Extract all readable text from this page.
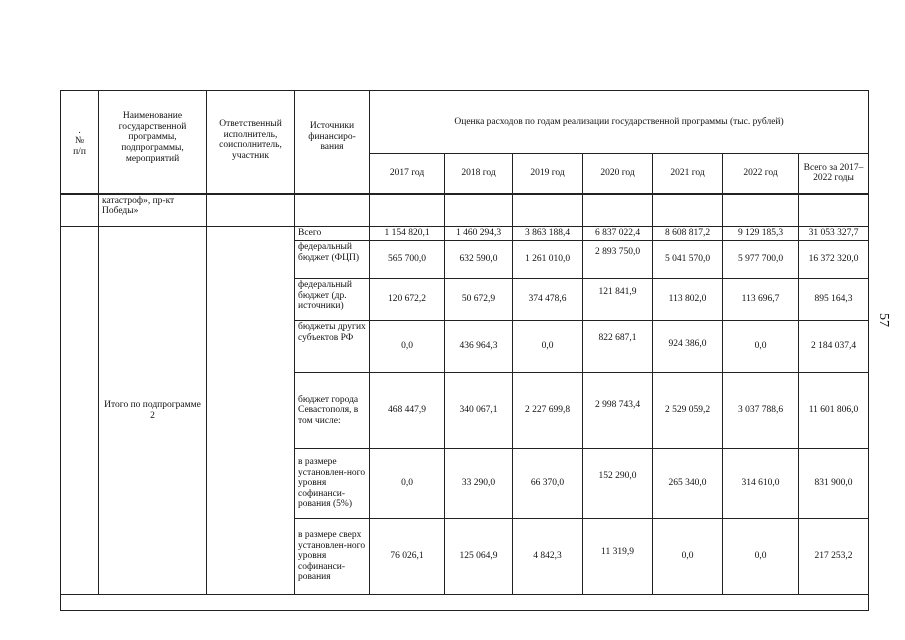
.
№
п/п	Наименование государственной программы, подпрограммы, мероприятий	Ответственный исполнитель, соисполнитель, участник	Источники финансиро-вания	Оценка расходов по годам реализации государственной программы (тыс. рублей)						
				2017 год	2018 год	2019 год	2020 год	2021 год	2022 год	Всего за 2017–2022 годы
	катастроф», пр-кт Победы»									
	Итого по подпрограмме 2		Всего	1 154 820,1	1 460 294,3	3 863 188,4	6 837 022,4	8 608 817,2	9 129 185,3	31 053 327,7
			федеральный бюджет (ФЦП)	565 700,0	632 590,0	1 261 010,0	2 893 750,0	5 041 570,0	5 977 700,0	16 372 320,0
			федеральный бюджет (др. источники)	120 672,2	50 672,9	374 478,6	121 841,9	113 802,0	113 696,7	895 164,3
			бюджеты других субъектов РФ	0,0	436 964,3	0,0	822 687,1	924 386,0	0,0	2 184 037,4
			бюджет города Севастополя, в том числе:	468 447,9	340 067,1	2 227 699,8	2 998 743,4	2 529 059,2	3 037 788,6	11 601 806,0
			в размере установлен-ного уровня софинанси-рования (5%)	0,0	33 290,0	66 370,0	152 290,0	265 340,0	314 610,0	831 900,0
			в размере сверх установлен-ного уровня софинанси-рования	76 026,1	125 064,9	4 842,3	11 319,9	0,0	0,0	217 253,2

57
